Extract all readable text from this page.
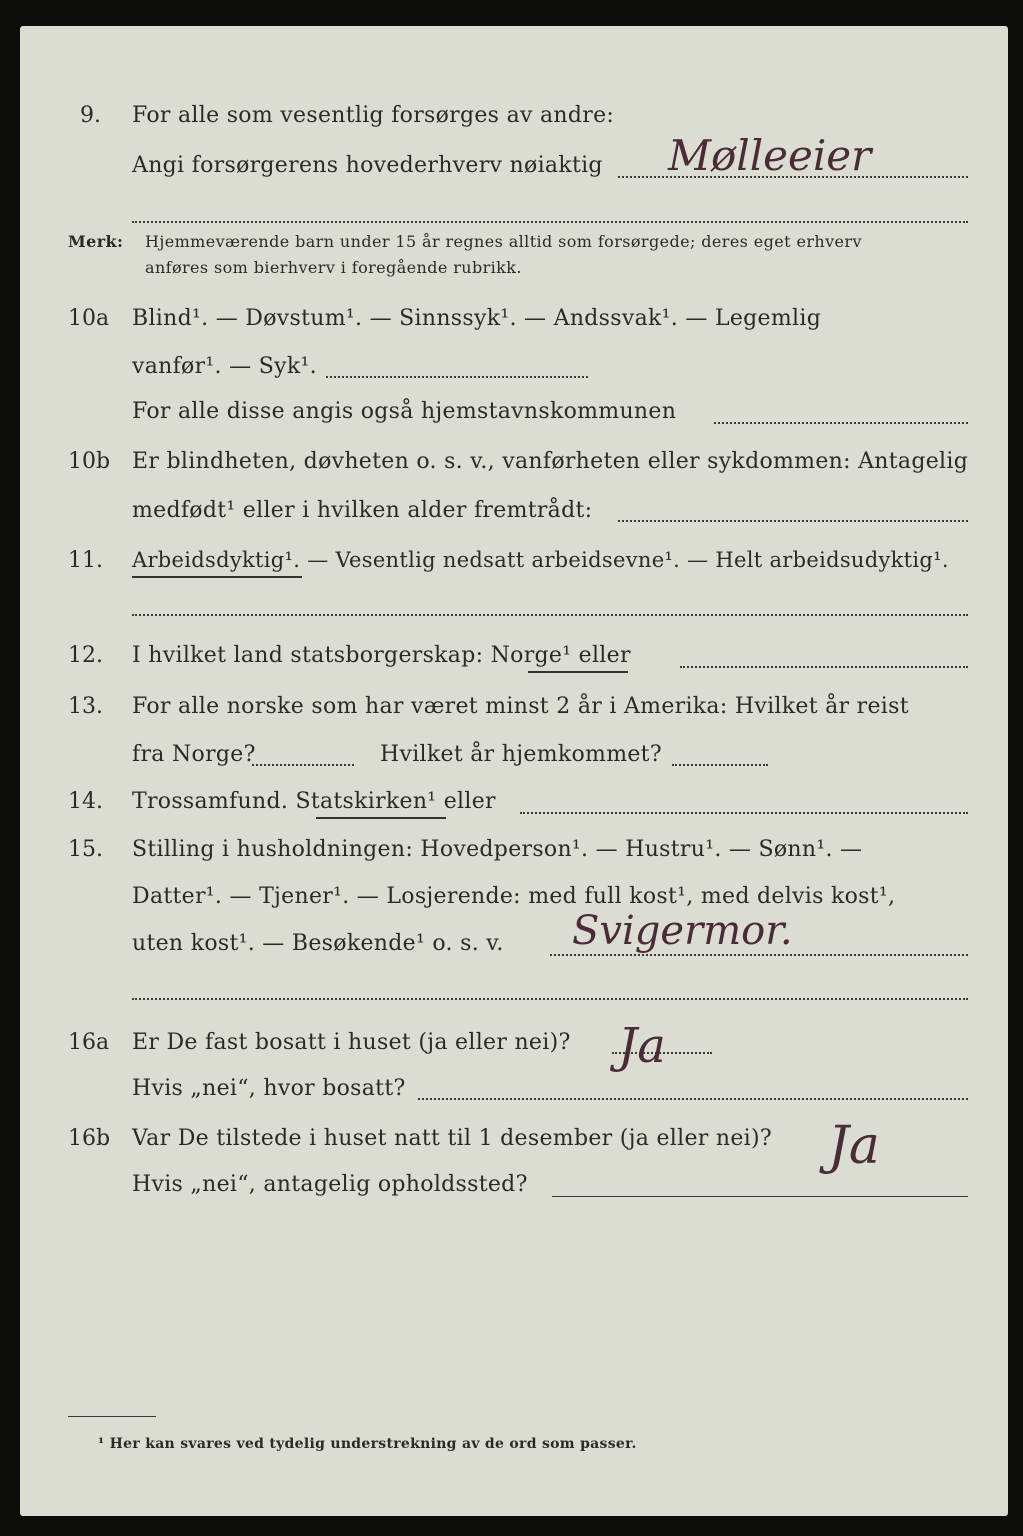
9. For alle som vesentlig forsørges av andre:
Angi forsørgerens hovederhverv nøiaktig Mølleeier
Merk: Hjemmeværende barn under 15 år regnes alltid som forsørgede; deres eget erhverv
anføres som bierhverv i foregående rubrikk.
10a Blind¹. — Døvstum¹. — Sinnssyk¹. — Andssvak¹. — Legemlig
vanfør¹. — Syk¹.
For alle disse angis også hjemstavnskommunen
10b Er blindheten, døvheten o. s. v., vanførheten eller sykdommen: Antagelig
medfødt¹ eller i hvilken alder fremtrådt:
11. Arbeidsdyktig¹. — Vesentlig nedsatt arbeidsevne¹. — Helt arbeidsudyktig¹.
12. I hvilket land statsborgerskap: Norge¹ eller
13. For alle norske som har været minst 2 år i Amerika: Hvilket år reist
fra Norge?	Hvilket år hjemkommet?
14. Trossamfund. Statskirken¹ eller
15. Stilling i husholdningen: Hovedperson¹. — Hustru¹. — Sønn¹. —
Datter¹. — Tjener¹. — Losjerende: med full kost¹, med delvis kost¹,
uten kost¹. — Besøkende¹ o. s. v. Svigermor.
16a Er De fast bosatt i huset (ja eller nei)? Ja
Hvis „nei“, hvor bosatt?
16b Var De tilstede i huset natt til 1 desember (ja eller nei)? Ja
Hvis „nei“, antagelig opholdssted?
¹ Her kan svares ved tydelig understrekning av de ord som passer.
